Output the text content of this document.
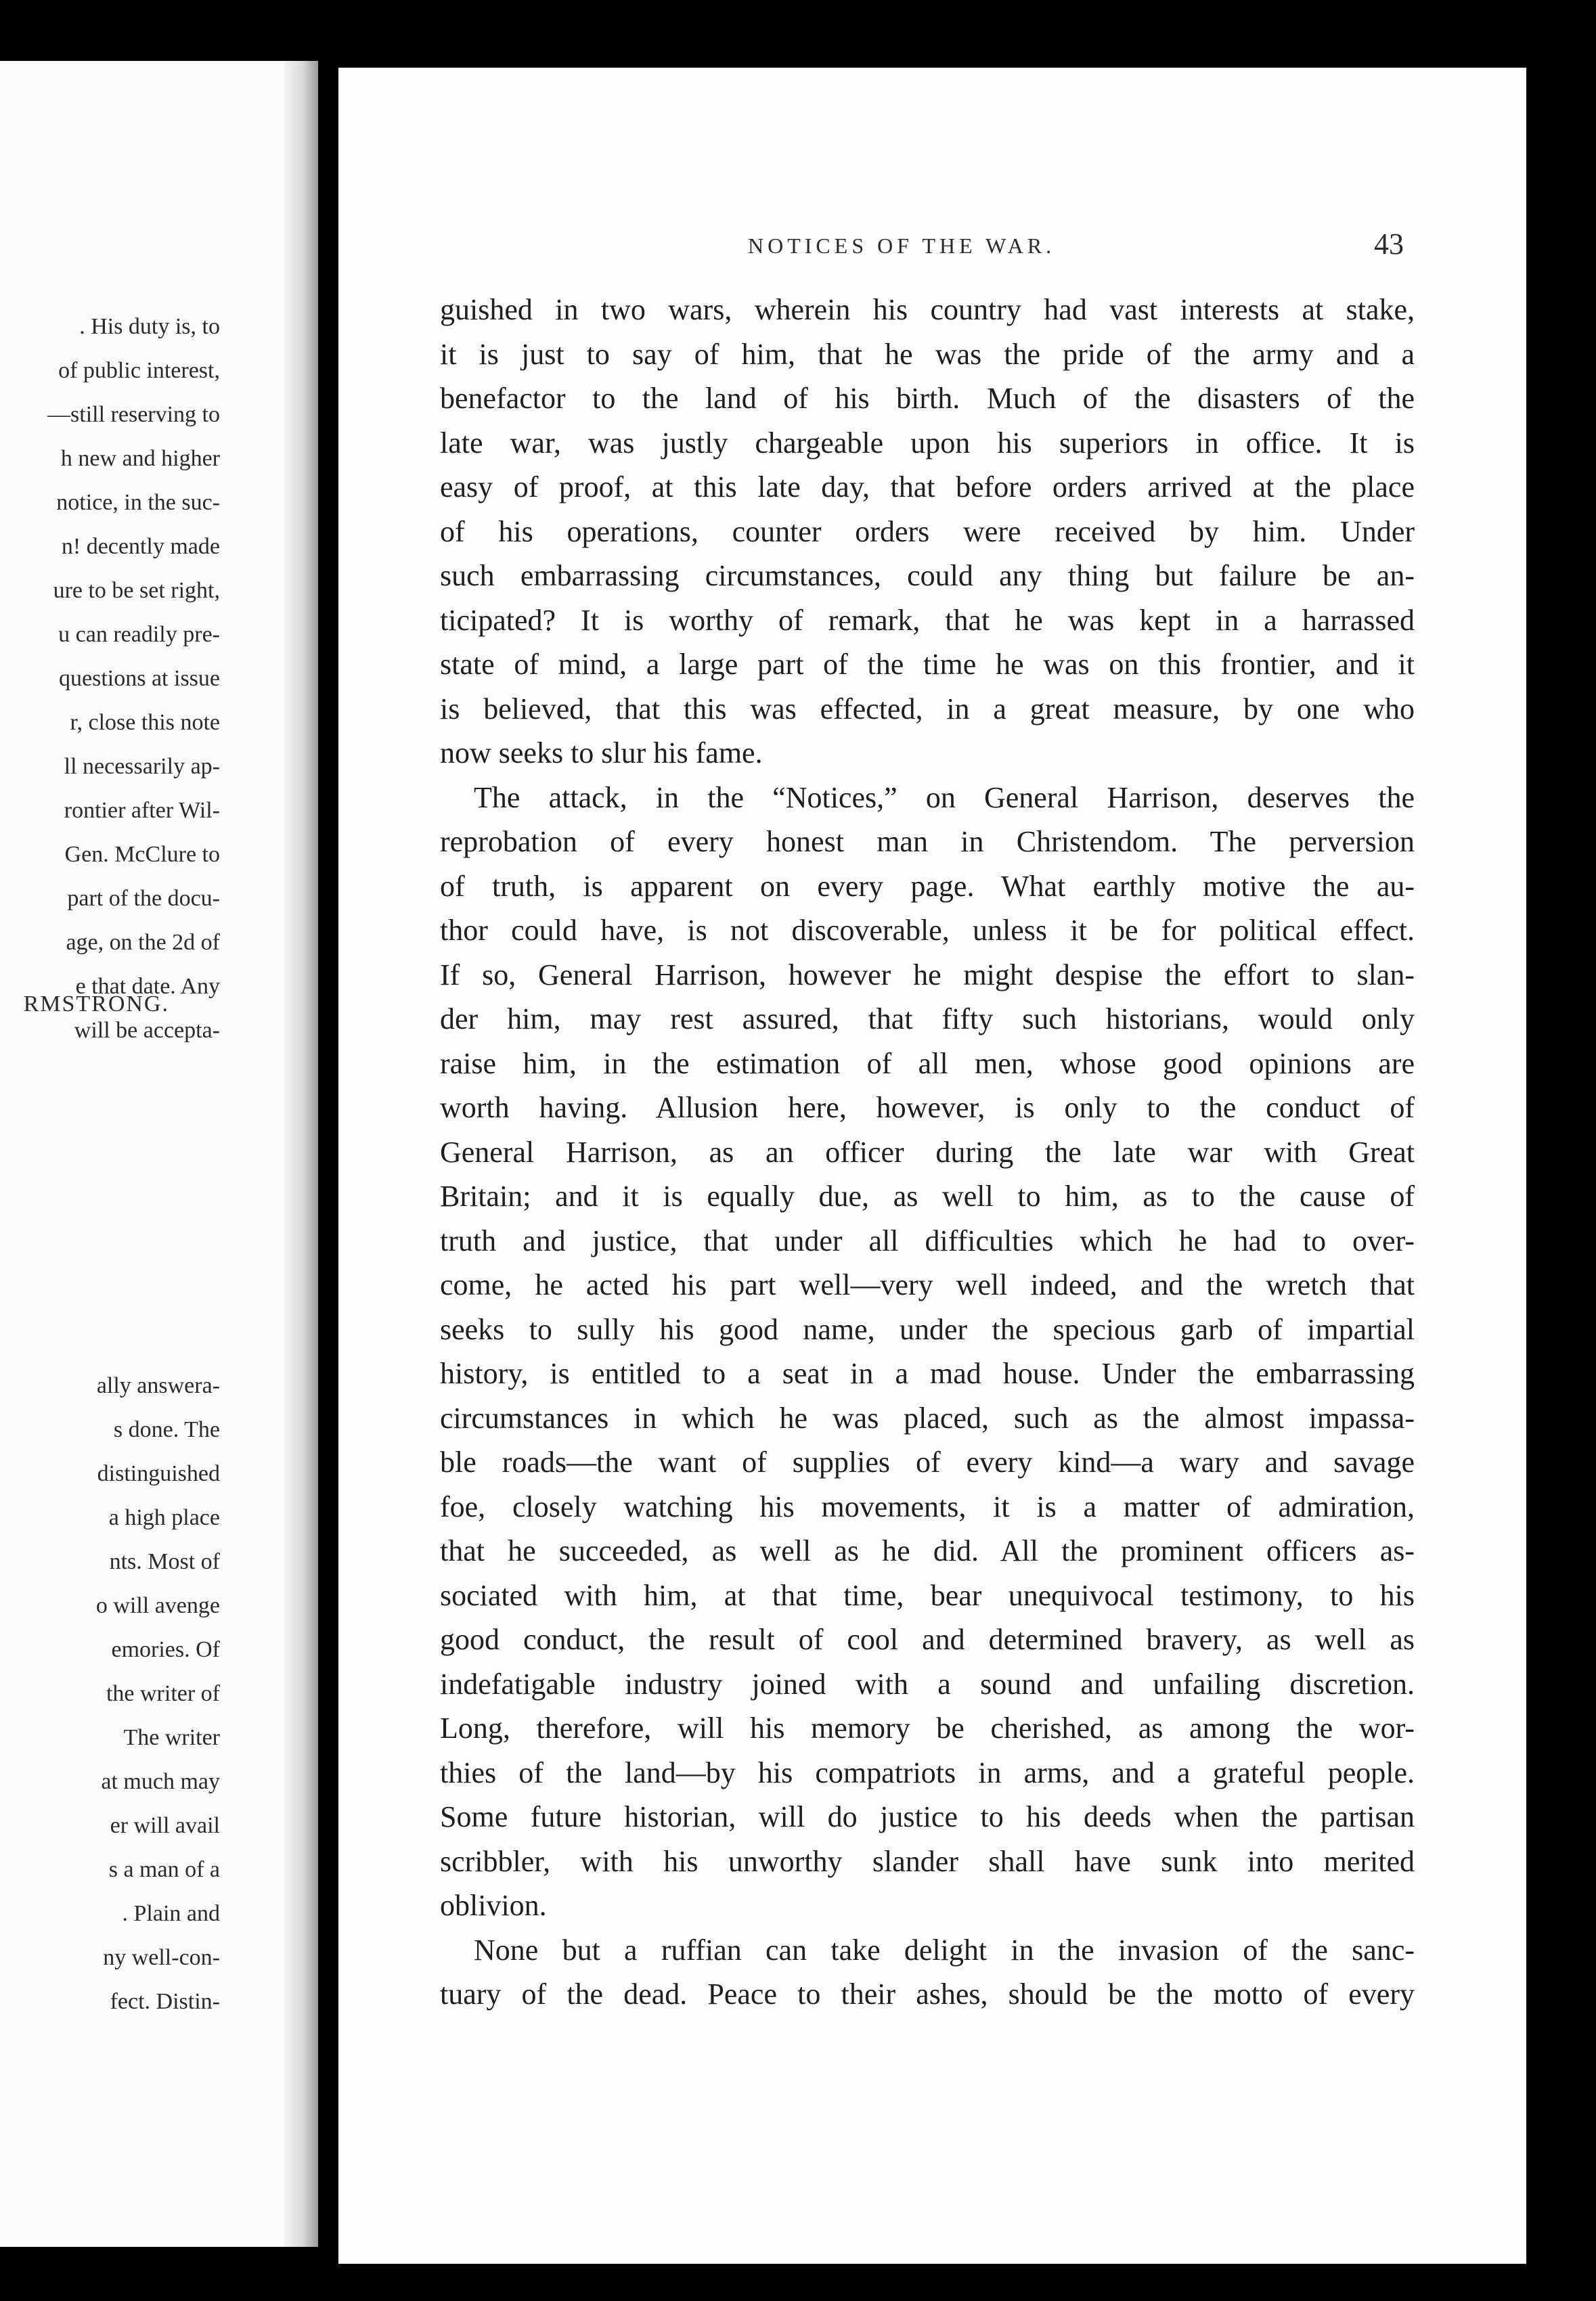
. His duty is, to
of public interest,
—still reserving to
h new and higher
notice, in the suc-
n! decently made
ure to be set right,
u can readily pre-
questions at issue
r, close this note
ll necessarily ap-
rontier after Wil-
Gen. McClure to
part of the docu-
age, on the 2d of
e that date. Any
will be accepta-
RMSTRONG.
ally answera-
s done. The
distinguished
a high place
nts. Most of
o will avenge
emories. Of
the writer of
The writer
at much may
er will avail
s a man of a
. Plain and
ny well-con-
fect. Distin-
NOTICES OF THE WAR.	43
guished in two wars, wherein his country had vast interests at stake,
it is just to say of him, that he was the pride of the army and a
benefactor to the land of his birth. Much of the disasters of the
late war, was justly chargeable upon his superiors in office. It is
easy of proof, at this late day, that before orders arrived at the place
of his operations, counter orders were received by him. Under
such embarrassing circumstances, could any thing but failure be an-
ticipated? It is worthy of remark, that he was kept in a harrassed
state of mind, a large part of the time he was on this frontier, and it
is believed, that this was effected, in a great measure, by one who
now seeks to slur his fame.
The attack, in the “Notices,” on General Harrison, deserves the
reprobation of every honest man in Christendom. The perversion
of truth, is apparent on every page. What earthly motive the au-
thor could have, is not discoverable, unless it be for political effect.
If so, General Harrison, however he might despise the effort to slan-
der him, may rest assured, that fifty such historians, would only
raise him, in the estimation of all men, whose good opinions are
worth having. Allusion here, however, is only to the conduct of
General Harrison, as an officer during the late war with Great
Britain; and it is equally due, as well to him, as to the cause of
truth and justice, that under all difficulties which he had to over-
come, he acted his part well—very well indeed, and the wretch that
seeks to sully his good name, under the specious garb of impartial
history, is entitled to a seat in a mad house. Under the embarrassing
circumstances in which he was placed, such as the almost impassa-
ble roads—the want of supplies of every kind—a wary and savage
foe, closely watching his movements, it is a matter of admiration,
that he succeeded, as well as he did. All the prominent officers as-
sociated with him, at that time, bear unequivocal testimony, to his
good conduct, the result of cool and determined bravery, as well as
indefatigable industry joined with a sound and unfailing discretion.
Long, therefore, will his memory be cherished, as among the wor-
thies of the land—by his compatriots in arms, and a grateful people.
Some future historian, will do justice to his deeds when the partisan
scribbler, with his unworthy slander shall have sunk into merited
oblivion.
None but a ruffian can take delight in the invasion of the sanc-
tuary of the dead. Peace to their ashes, should be the motto of every
